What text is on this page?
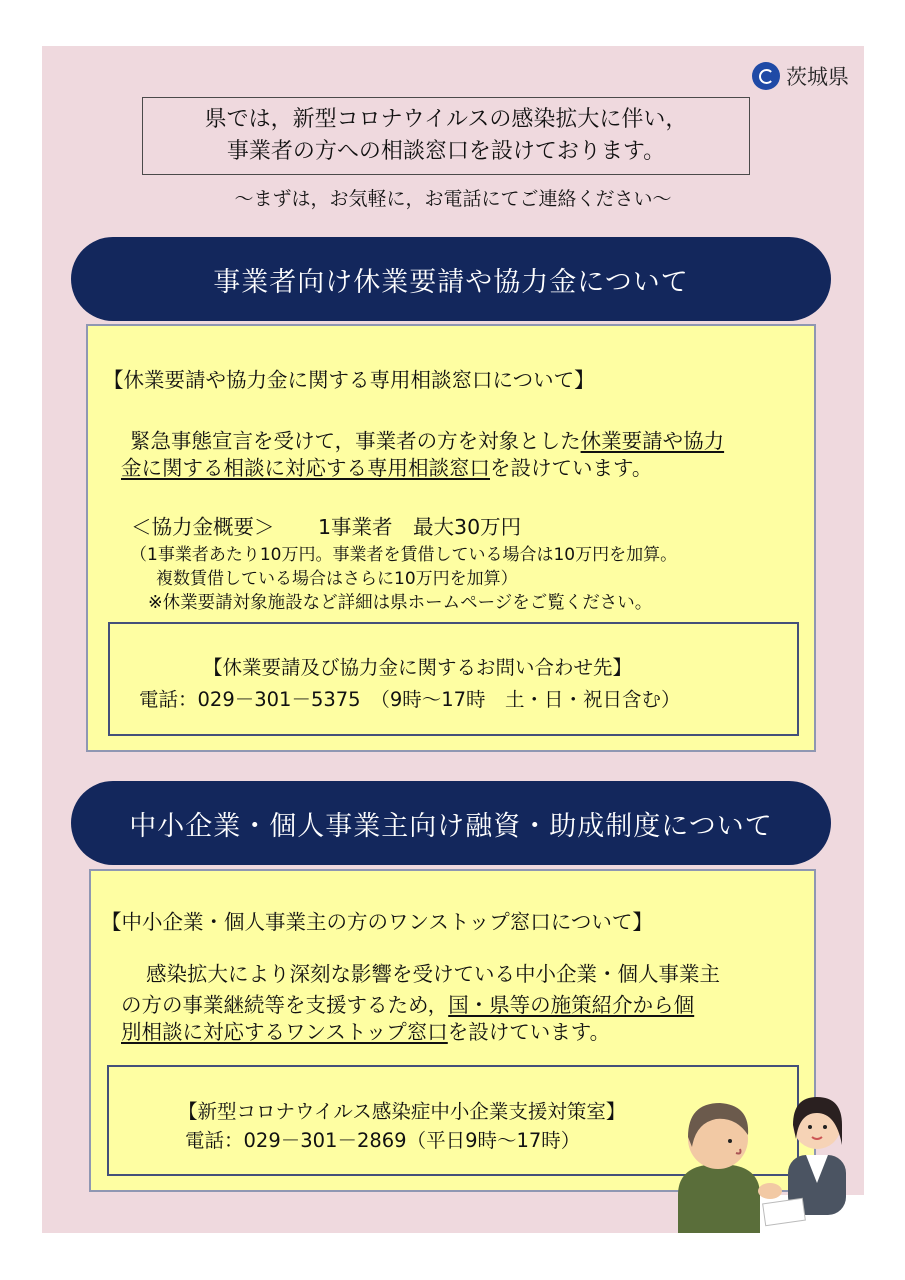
茨城県
県では，新型コロナウイルスの感染拡大に伴い，
事業者の方への相談窓口を設けております。
～まずは，お気軽に，お電話にてご連絡ください～
事業者向け休業要請や協力金について
【休業要請や協力金に関する専用相談窓口について】
緊急事態宣言を受けて，事業者の方を対象とした休業要請や協力
金に関する相談に対応する専用相談窓口を設けています。
＜協力金概要＞ 1事業者　最大30万円
（1事業者あたり10万円。事業者を賃借している場合は10万円を加算。
複数賃借している場合はさらに10万円を加算）
※休業要請対象施設など詳細は県ホームページをご覧ください。
【休業要請及び協力金に関するお問い合わせ先】
電話：029－301－5375　（9時～17時　土・日・祝日含む）
中小企業・個人事業主向け融資・助成制度について
【中小企業・個人事業主の方のワンストップ窓口について】
感染拡大により深刻な影響を受けている中小企業・個人事業主
の方の事業継続等を支援するため，国・県等の施策紹介から個
別相談に対応するワンストップ窓口を設けています。
【新型コロナウイルス感染症中小企業支援対策室】
電話：029－301－2869（平日9時～17時）
